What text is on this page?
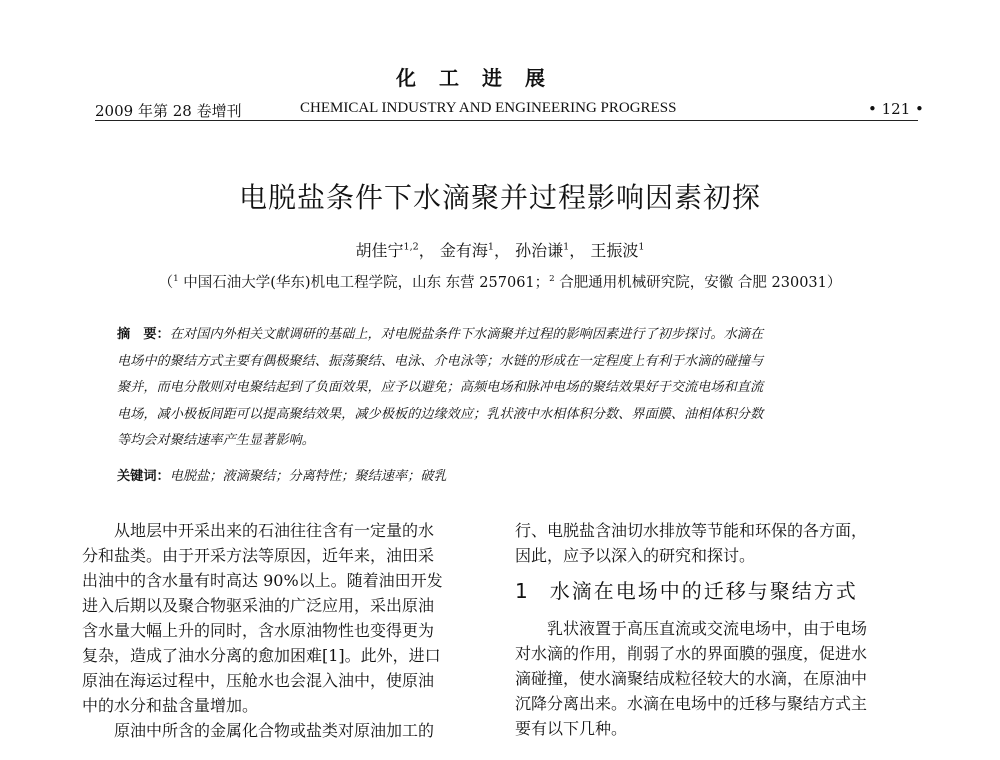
化工进展
2009 年第 28 卷增刊	CHEMICAL INDUSTRY AND ENGINEERING PROGRESS	• 121 •
电脱盐条件下水滴聚并过程影响因素初探
胡佳宁$^{1,2}$， 金有海$^1$， 孙治谦$^1$， 王振波$^1$
（$^1$ 中国石油大学(华东)机电工程学院，山东 东营 257061；$^2$ 合肥通用机械研究院，安徽 合肥 230031）
摘　要：在对国内外相关文献调研的基础上，对电脱盐条件下水滴聚并过程的影响因素进行了初步探讨。水滴在
电场中的聚结方式主要有偶极聚结、振荡聚结、电泳、介电泳等；水链的形成在一定程度上有利于水滴的碰撞与
聚并，而电分散则对电聚结起到了负面效果，应予以避免；高频电场和脉冲电场的聚结效果好于交流电场和直流
电场，减小极板间距可以提高聚结效果，减少极板的边缘效应；乳状液中水相体积分数、界面膜、油相体积分数
等均会对聚结速率产生显著影响。
关键词：电脱盐；液滴聚结；分离特性；聚结速率；破乳
从地层中开采出来的石油往往含有一定量的水
分和盐类。由于开采方法等原因，近年来，油田采
出油中的含水量有时高达 90%以上。随着油田开发
进入后期以及聚合物驱采油的广泛应用，采出原油
含水量大幅上升的同时，含水原油物性也变得更为
复杂，造成了油水分离的愈加困难[1]。此外，进口
原油在海运过程中，压舱水也会混入油中，使原油
中的水分和盐含量增加。
原油中所含的金属化合物或盐类对原油加工的
行、电脱盐含油切水排放等节能和环保的各方面，
因此，应予以深入的研究和探讨。
1 水滴在电场中的迁移与聚结方式
乳状液置于高压直流或交流电场中，由于电场
对水滴的作用，削弱了水的界面膜的强度，促进水
滴碰撞，使水滴聚结成粒径较大的水滴，在原油中
沉降分离出来。水滴在电场中的迁移与聚结方式主
要有以下几种。
